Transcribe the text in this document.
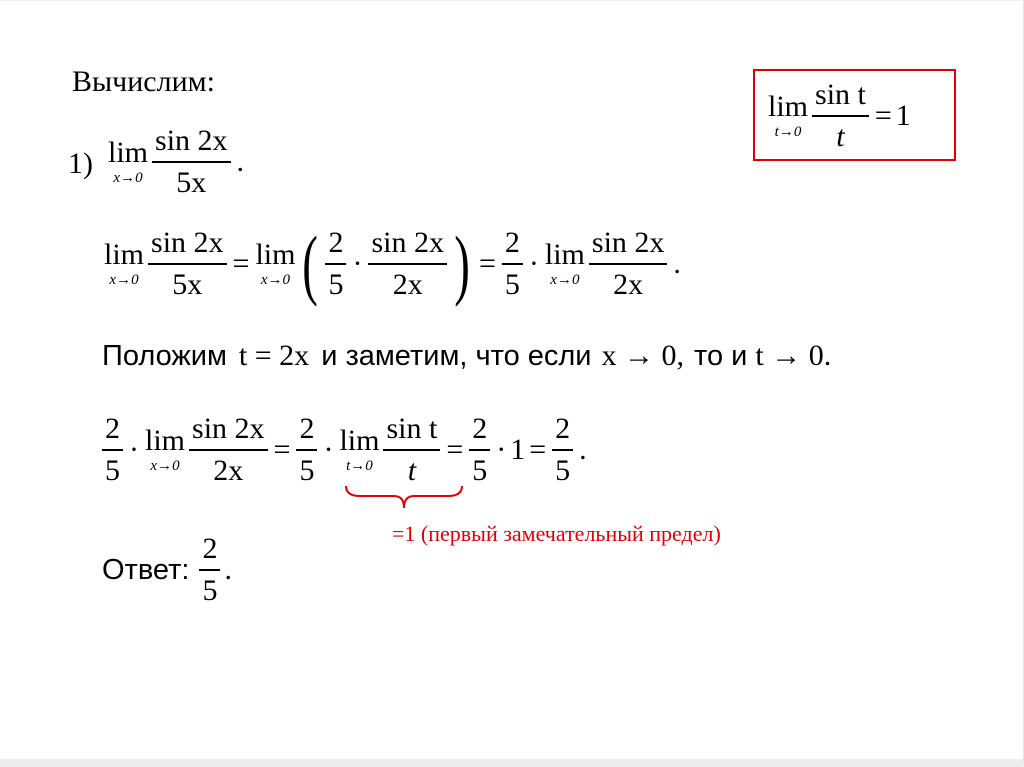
Вычислим:
lim
$t\to 0 \frac{\text{sin t}}{t} = 1$
1) lim
$x\to 0 \frac{\sin 2x}{5x}$ .
lim
$x\to 0 \frac{\sin 2x}{5x} = \lim$
x→0 ( $\frac{2}{5} \cdot \frac{\sin 2x}{2x}$ ) = $\frac{2}{5} \cdot \lim$
$x\to 0 \frac{\sin 2x}{2x}$ .
Положим t = 2x и заметим, что если x → 0, то и t → 0.
$\frac{2}{5} \cdot \lim$
$x\to 0 \frac{\sin 2x}{2x} = \frac{2}{5} \cdot \lim$
$t\to 0 \frac{\text{sin t}}{t} = \frac{2}{5} \cdot 1 = \frac{2}{5}$ .
=1 (первый замечательный предел)
Ответ: $\frac{2}{5}$ .
